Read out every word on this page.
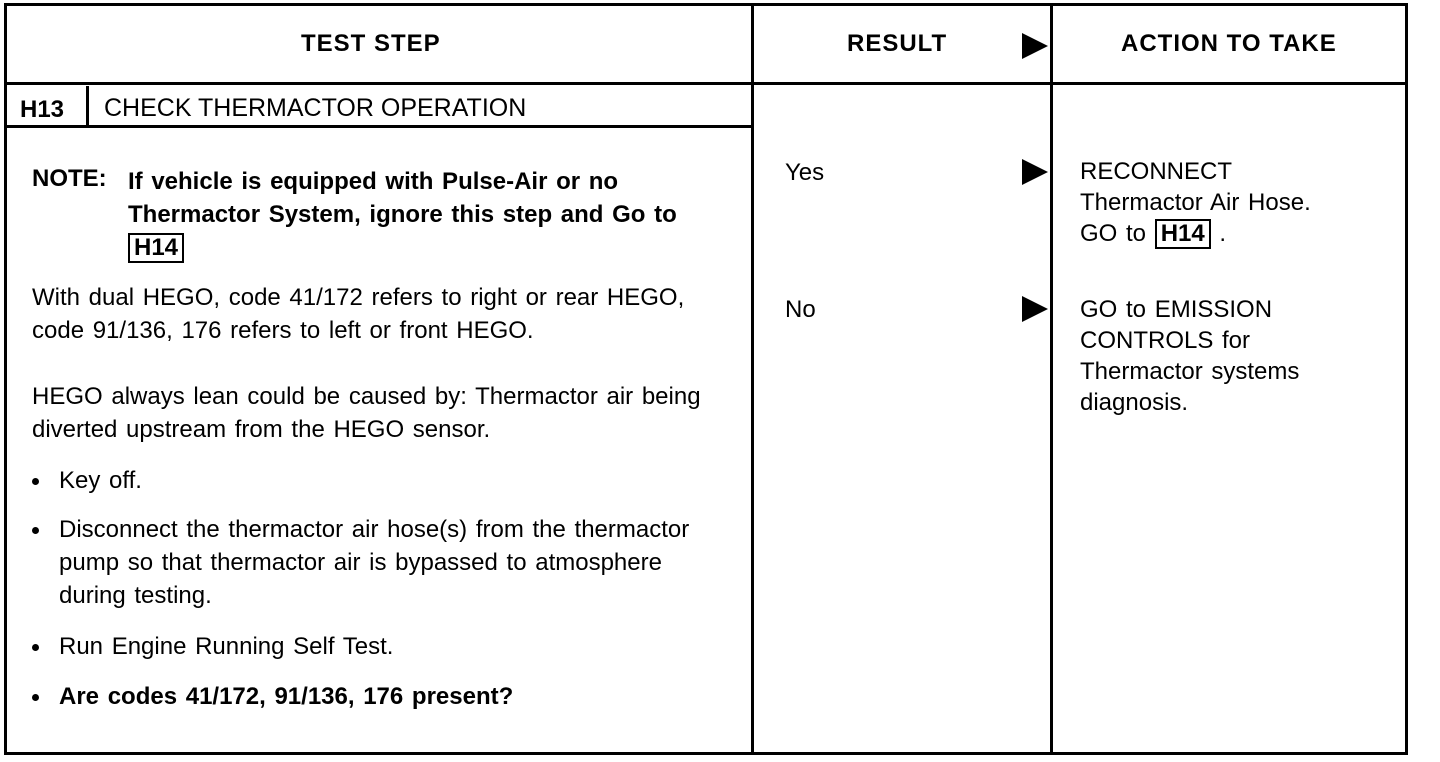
TEST STEP	RESULT	ACTION TO TAKE
H13 CHECK THERMACTOR OPERATION
NOTE: If vehicle is equipped with Pulse-Air or no Thermactor System, ignore this step and Go to H14
With dual HEGO, code 41/172 refers to right or rear HEGO, code 91/136, 176 refers to left or front HEGO.
HEGO always lean could be caused by: Thermactor air being diverted upstream from the HEGO sensor.
Key off.
Disconnect the thermactor air hose(s) from the thermactor pump so that thermactor air is bypassed to atmosphere during testing.
Run Engine Running Self Test.
Are codes 41/172, 91/136, 176 present?
Yes
No
RECONNECT
Thermactor Air Hose.
GO to H14 .
GO to EMISSION CONTROLS for Thermactor systems diagnosis.
